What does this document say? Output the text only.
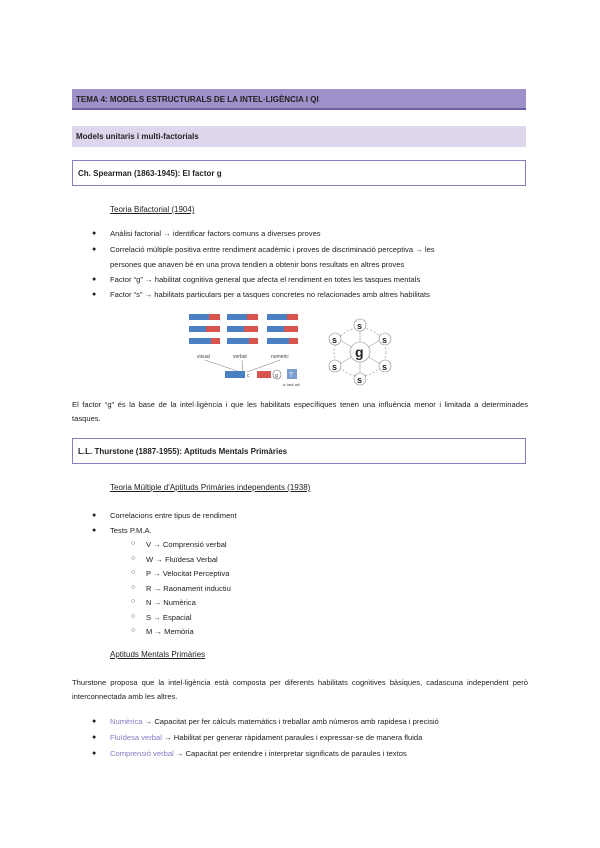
TEMA 4: MODELS ESTRUCTURALS DE LA INTEL·LIGÈNCIA I QI
Models unitaris i multi-factorials
Ch. Spearman (1863-1945): El factor g
Teoria Bifactorial (1904)
● Anàlisi factorial → identificar factors comuns a diverses proves
● Correlació múltiple positiva entre rendiment acadèmic i proves de discriminació perceptiva → les
persones que anaven bé en una prova tendien a obtenir bons resultats en altres proves
● Factor “g” → habilitat cognitiva general que afecta el rendiment en totes les tasques mentals
● Factor “s” → habilitats particulars per a tasques concretes no relacionades amb altres habilitats
visual	verbal	numeric
c	g ?
a: task cell
g
s
s	s
s	s
s
El factor “g” és la base de la intel·ligència i que les habilitats específiques tenen una influència menor i limitada a determinades tasques.
L.L. Thurstone (1887-1955): Aptituds Mentals Primàries
Teoria Múltiple d'Aptituds Primàries independents (1938)
● Correlacions entre tipus de rendiment
● Tests P.M.A.
○ V → Comprensió verbal
○ W → Fluïdesa Verbal
○ P → Velocitat Perceptiva
○ R → Raonament inductiu
○ N → Numèrica
○ S → Espacial
○ M → Memòria
Aptituds Mentals Primàries
Thurstone proposa que la intel·ligència està composta per diferents habilitats cognitives bàsiques, cadascuna independent però interconnectada amb les altres.
● Numèrica → Capacitat per fer càlculs matemàtics i treballar amb números amb rapidesa i precisió
● Fluïdesa verbal → Habilitat per generar ràpidament paraules i expressar-se de manera fluida
● Comprensió verbal → Capacitat per entendre i interpretar significats de paraules i textos
